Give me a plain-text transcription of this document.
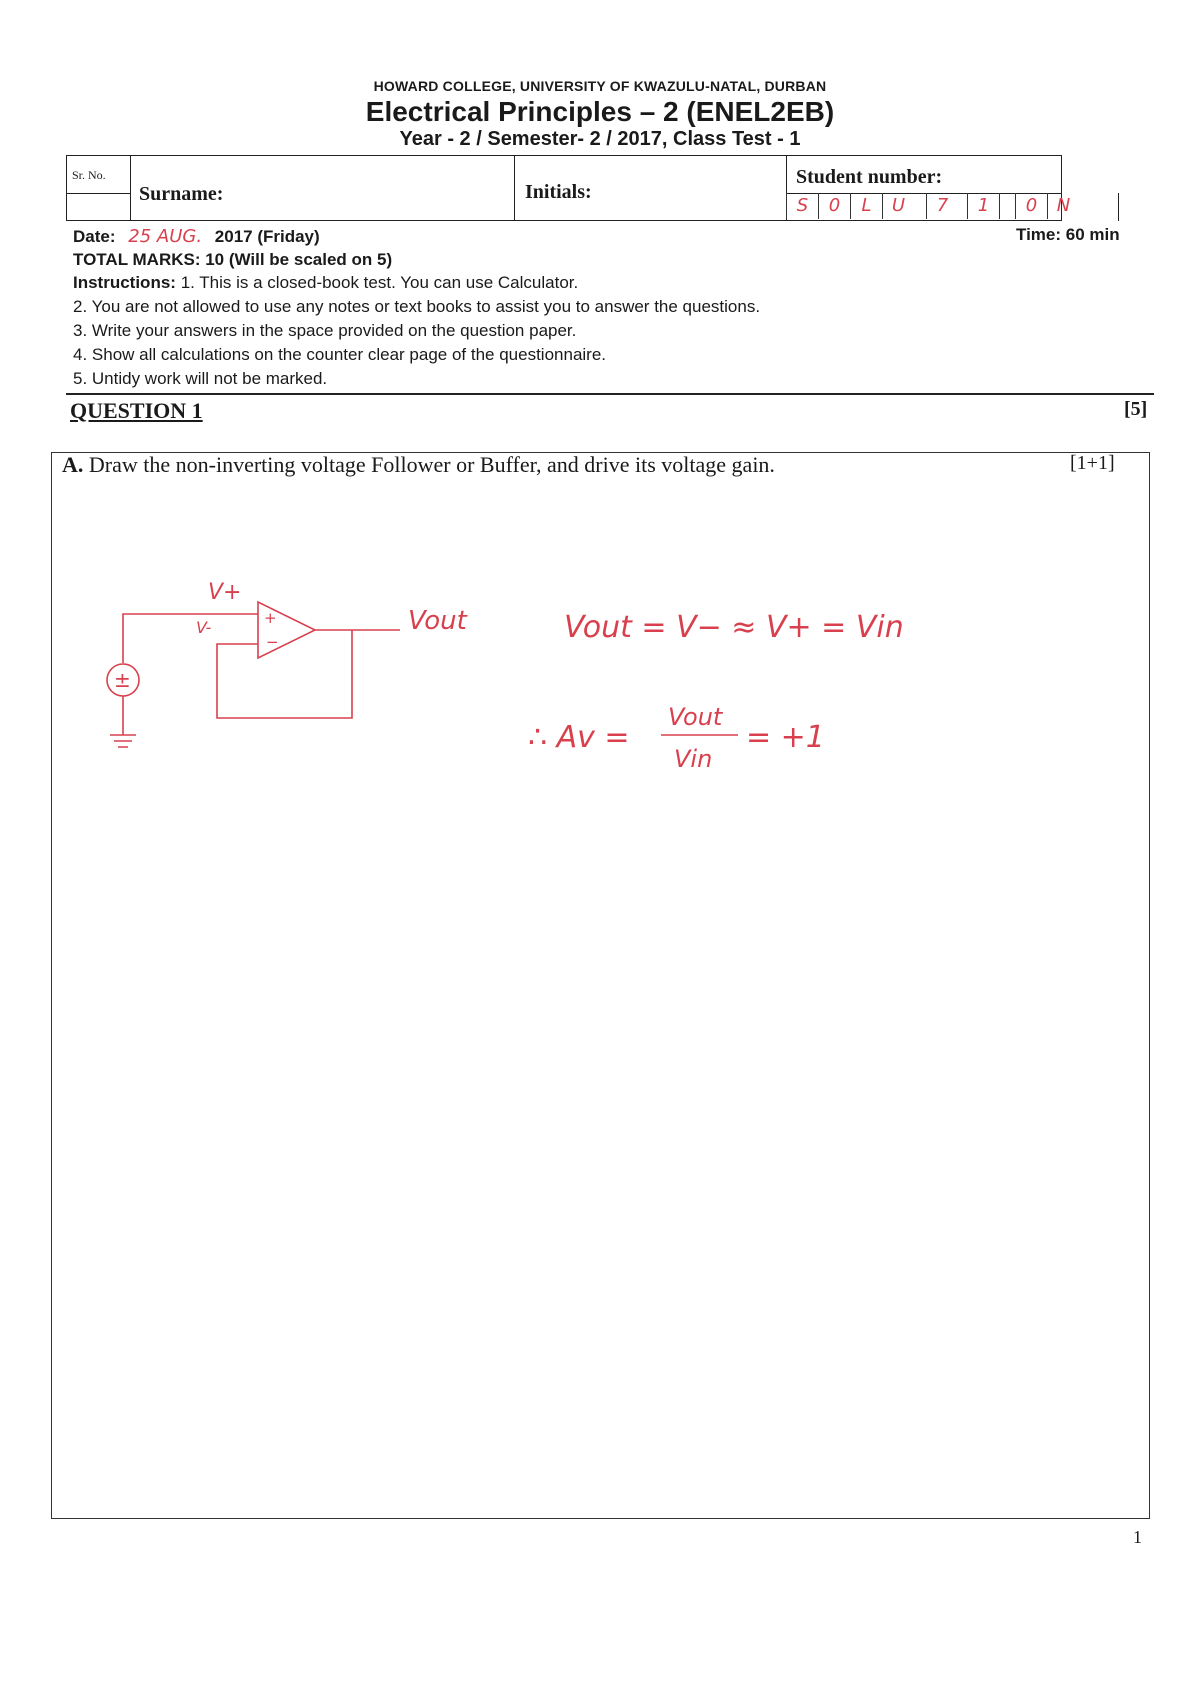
HOWARD COLLEGE, UNIVERSITY OF KWAZULU-NATAL, DURBAN
Electrical Principles – 2 (ENEL2EB)
Year - 2 / Semester- 2 / 2017, Class Test - 1
Sr. No.
Surname:	Initials:
Student number:
S	0	L	U	7	1	0	N
Date: 25 AUG. 2017 (Friday)	Time: 60 min
TOTAL MARKS: 10 (Will be scaled on 5)
Instructions: 1. This is a closed-book test. You can use Calculator.
2. You are not allowed to use any notes or text books to assist you to answer the questions.
3. Write your answers in the space provided on the question paper.
4. Show all calculations on the counter clear page of the questionnaire.
5. Untidy work will not be marked.
QUESTION 1	[5]
A. Draw the non-inverting voltage Follower or Buffer, and drive its voltage gain.	[1+1]
V+
V-	+
−
±
Vout	Vout = V− ≈ V+ = Vin
∴ Av =
Vout
Vin
= +1
1
